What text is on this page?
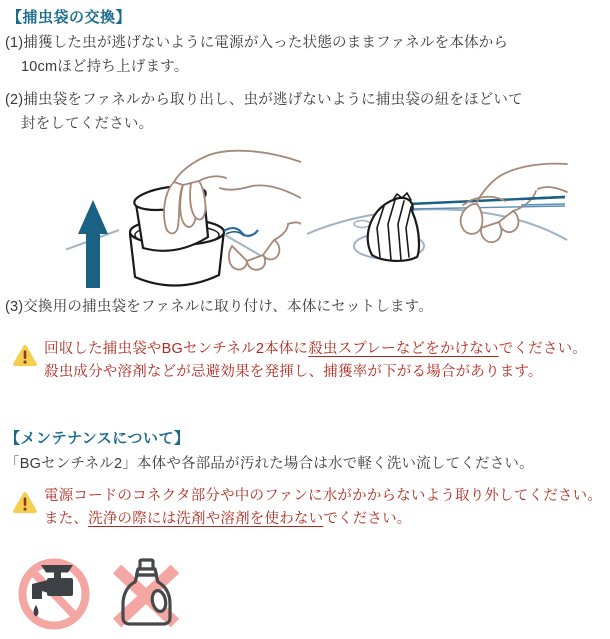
【捕虫袋の交換】
(1)捕獲した虫が逃げないように電源が入った状態のままファネルを本体から
10cmほど持ち上げます。
(2)捕虫袋をファネルから取り出し、虫が逃げないように捕虫袋の紐をほどいて
封をしてください。
(3)交換用の捕虫袋をファネルに取り付け、本体にセットします。
回収した捕虫袋やBGセンチネル2本体に殺虫スプレーなどをかけないでください。
殺虫成分や溶剤などが忌避効果を発揮し、捕獲率が下がる場合があります。
【メンテナンスについて】
「BGセンチネル2」本体や各部品が汚れた場合は水で軽く洗い流してください。
電源コードのコネクタ部分や中のファンに水がかからないよう取り外してください。
また、洗浄の際には洗剤や溶剤を使わないでください。
